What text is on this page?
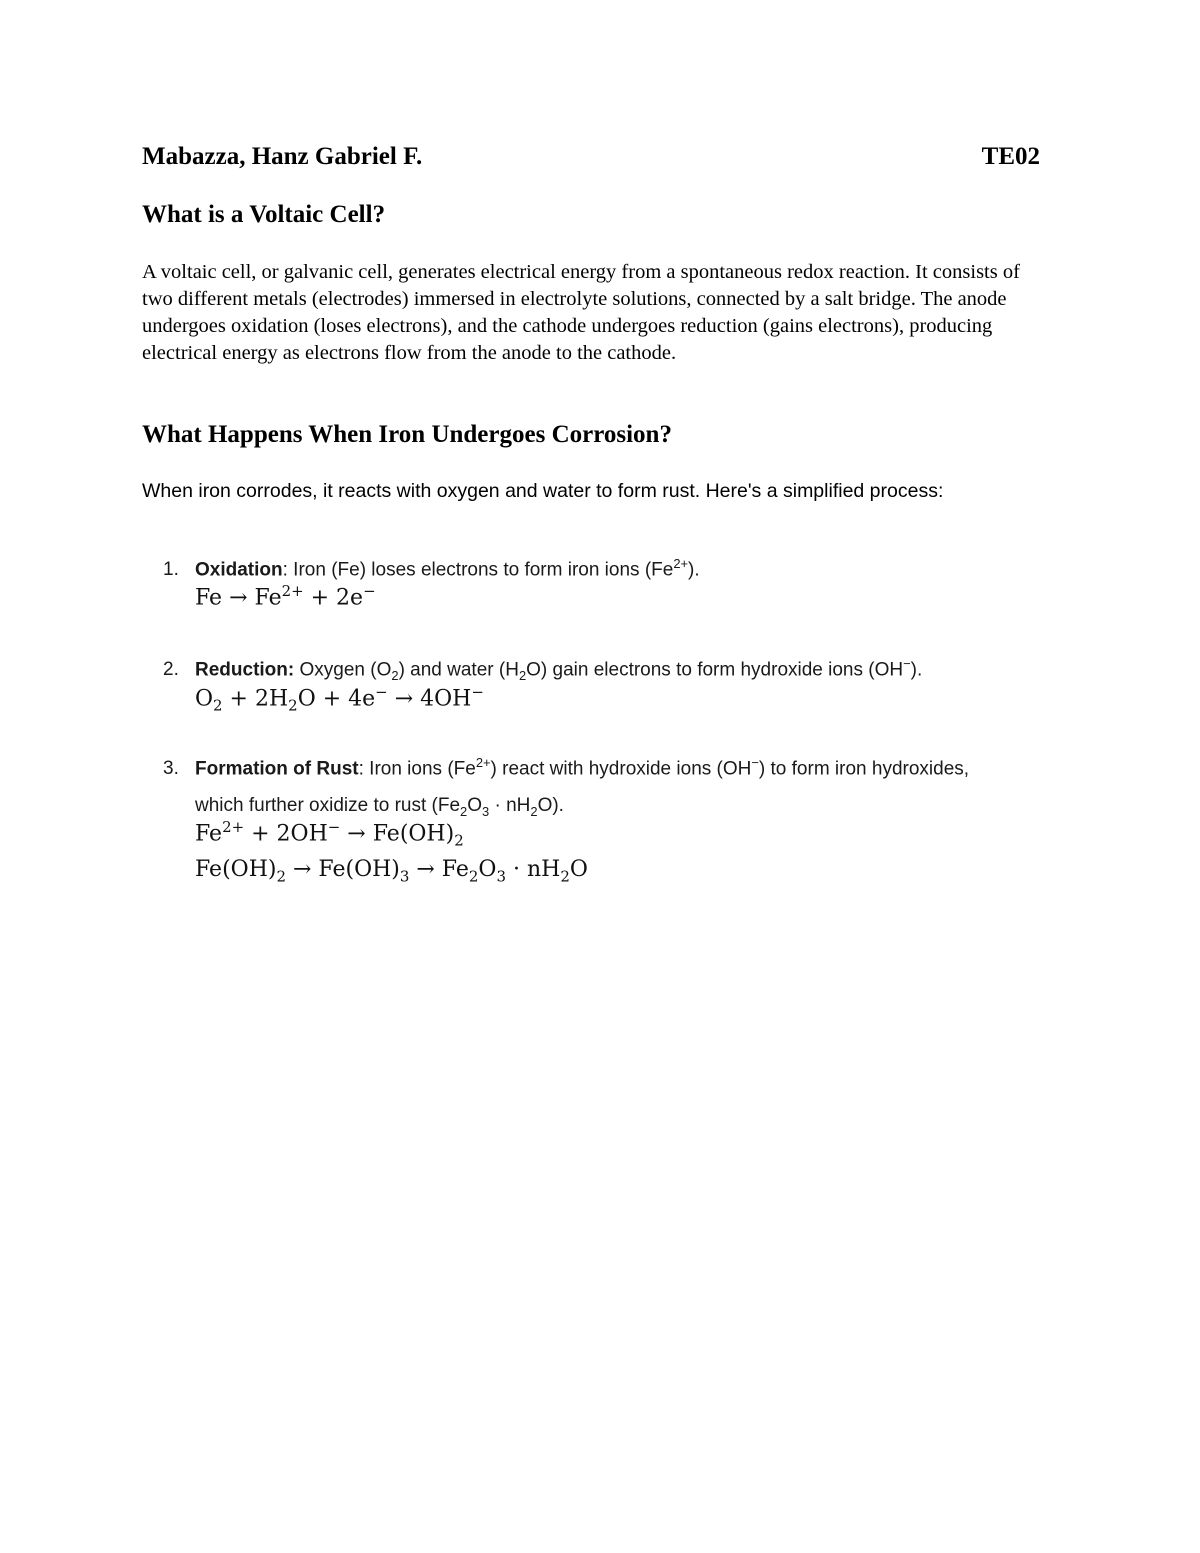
Mabazza, Hanz Gabriel F.	TE02
What is a Voltaic Cell?

A voltaic cell, or galvanic cell, generates electrical energy from a spontaneous redox reaction. It consists of two different metals (electrodes) immersed in electrolyte solutions, connected by a salt bridge. The anode undergoes oxidation (loses electrons), and the cathode undergoes reduction (gains electrons), producing electrical energy as electrons flow from the anode to the cathode.

What Happens When Iron Undergoes Corrosion?

When iron corrodes, it reacts with oxygen and water to form rust. Here's a simplified process:

1. Oxidation: Iron (Fe) loses electrons to form iron ions $(Fe^{2+})$.
$Fe \to Fe^{2+} + 2e^-$
2. Reduction: Oxygen $(O_2)$ and water $(H_2O)$ gain electrons to form hydroxide ions (OH−).
$O_2 + 2H_2O + 4e^- \to 4OH^-$
3. Formation of Rust: Iron ions $(Fe^{2+})$ react with hydroxide ions (OH−) to form iron hydroxides,
which further oxidize to rust $(Fe_2O_3 \cdot nH_2O)$.
$Fe^{2+} + 2OH^- \to Fe(OH)_2$
$Fe(OH)_2 \to Fe(OH)_3 \to Fe_2O_3 \cdot nH_2O$
